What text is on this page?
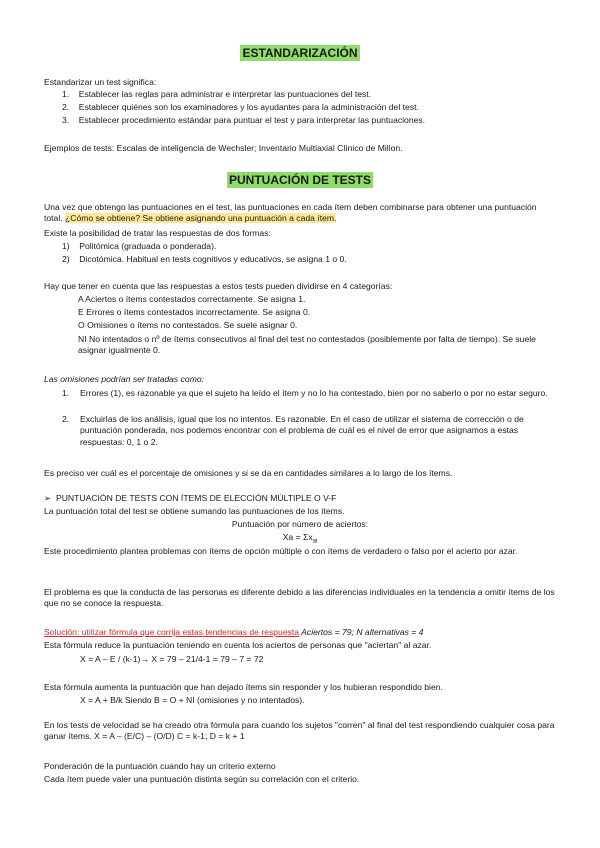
ESTANDARIZACIÓN
Estandarizar un test significa:
1. Establecer las reglas para administrar e interpretar las puntuaciones del test.
2. Establecer quiénes son los examinadores y los ayudantes para la administración del test.
3. Establecer procedimiento estándar para puntuar el test y para interpretar las puntuaciones.
Ejemplos de tests: Escalas de inteligencia de Wechsler; Inventario Multiaxial Clínico de Millon.
PUNTUACIÓN DE TESTS
Una vez que obtengo las puntuaciones en el test, las puntuaciones en cada ítem deben combinarse para obtener una puntuación total. ¿Cómo se obtiene? Se obtiene asignando una puntuación a cada ítem.
Existe la posibilidad de tratar las respuestas de dos formas:
1) Politómica (graduada o ponderada).
2) Dicotómica. Habitual en tests cognitivos y educativos, se asigna 1 o 0.
Hay que tener en cuenta que las respuestas a estos tests pueden dividirse en 4 categorías:
A Aciertos o ítems contestados correctamente. Se asigna 1.
E Errores o ítems contestados incorrectamente. Se asigna 0.
O Omisiones o ítems no contestados. Se suele asignar 0.
NI No intentados o nº de ítems consecutivos al final del test no contestados (posiblemente por falta de tiempo). Se suele asignar igualmente 0.
Las omisiones podrían ser tratadas como:
1. Errores (1), es razonable ya que el sujeto ha leído el ítem y no lo ha contestado, bien por no saberlo o por no estar seguro.
2. Excluirlas de los análisis, igual que los no intentos. Es razonable. En el caso de utilizar el sistema de corrección o de puntuación ponderada, nos podemos encontrar con el problema de cuál es el nivel de error que asignamos a estas respuestas: 0, 1 o 2.
Es preciso ver cuál es el porcentaje de omisiones y si se da en cantidades similares a lo largo de los ítems.
➢ PUNTUACIÓN DE TESTS CON ÍTEMS DE ELECCIÓN MÚLTIPLE O V-F
La puntuación total del test se obtiene sumando las puntuaciones de los ítems.
Puntuación por número de aciertos:
$Xa = \Sigma x_{ai}$
Este procedimiento plantea problemas con ítems de opción múltiple o con ítems de verdadero o falso por el acierto por azar.
El problema es que la conducta de las personas es diferente debido a las diferencias individuales en la tendencia a omitir ítems de los que no se conoce la respuesta.
Solución: utilizar fórmula que corrija estas tendencias de respuesta Aciertos = 79; N alternativas = 4
Esta fórmula reduce la puntuación teniendo en cuenta los aciertos de personas que "aciertan" al azar.
X = A – E / (k-1)→ X = 79 – 21/4-1 = 79 – 7 = 72
Esta fórmula aumenta la puntuación que han dejado ítems sin responder y los hubieran respondido bien.
X = A + B/k Siendo B = O + NI (omisiones y no intentados).
En los tests de velocidad se ha creado otra fórmula para cuando los sujetos "corren" al final del test respondiendo cualquier cosa para ganar ítems. X = A – (E/C) – (O/D) C = k-1; D = k + 1
Ponderación de la puntuación cuando hay un criterio externo
Cada ítem puede valer una puntuación distinta según su correlación con el criterio.
